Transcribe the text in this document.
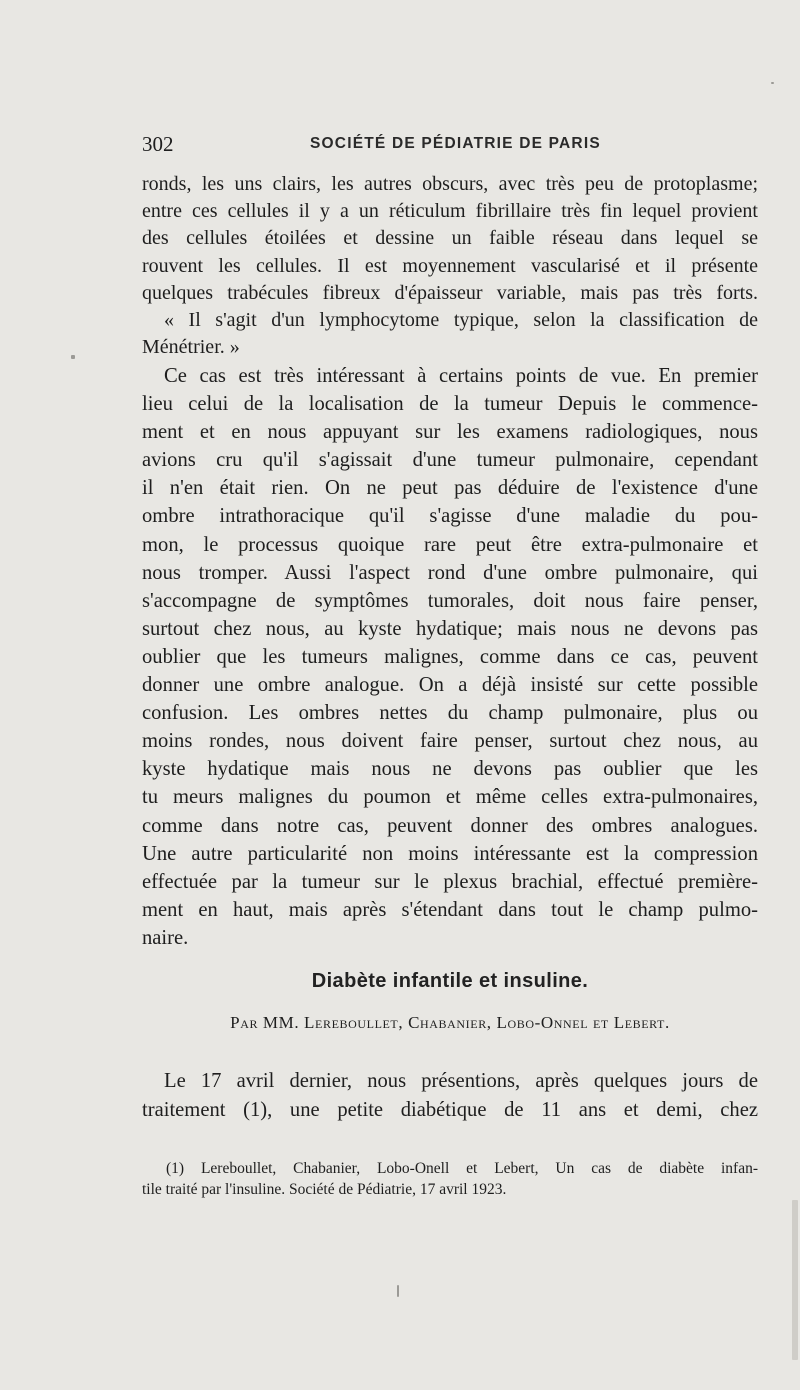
302	SOCIÉTÉ DE PÉDIATRIE DE PARIS

ronds, les uns clairs, les autres obscurs, avec très peu de protoplasme;
entre ces cellules il y a un réticulum fibrillaire très fin lequel provient
des cellules étoilées et dessine un faible réseau dans lequel se
rouvent les cellules. Il est moyennement vascularisé et il présente
quelques trabécules fibreux d'épaisseur variable, mais pas très forts.
« Il s'agit d'un lymphocytome typique, selon la classification de
Ménétrier. »

Ce cas est très intéressant à certains points de vue. En premier
lieu celui de la localisation de la tumeur Depuis le commence-
ment et en nous appuyant sur les examens radiologiques, nous
avions cru qu'il s'agissait d'une tumeur pulmonaire, cependant
il n'en était rien. On ne peut pas déduire de l'existence d'une
ombre intrathoracique qu'il s'agisse d'une maladie du pou-
mon, le processus quoique rare peut être extra-pulmonaire et
nous tromper. Aussi l'aspect rond d'une ombre pulmonaire, qui
s'accompagne de symptômes tumorales, doit nous faire penser,
surtout chez nous, au kyste hydatique; mais nous ne devons pas
oublier que les tumeurs malignes, comme dans ce cas, peuvent
donner une ombre analogue. On a déjà insisté sur cette possible
confusion. Les ombres nettes du champ pulmonaire, plus ou
moins rondes, nous doivent faire penser, surtout chez nous, au
kyste hydatique mais nous ne devons pas oublier que les
tu meurs malignes du poumon et même celles extra-pulmonaires,
comme dans notre cas, peuvent donner des ombres analogues.
Une autre particularité non moins intéressante est la compression
effectuée par la tumeur sur le plexus brachial, effectué première-
ment en haut, mais après s'étendant dans tout le champ pulmo-
naire.

Diabète infantile et insuline.
Par MM. Lereboullet, Chabanier, Lobo-Onnel et Lebert.

Le 17 avril dernier, nous présentions, après quelques jours de
traitement (1), une petite diabétique de 11 ans et demi, chez

(1) Lereboullet, Chabanier, Lobo-Onell et Lebert, Un cas de diabète infan-
tile traité par l'insuline. Société de Pédiatrie, 17 avril 1923.
